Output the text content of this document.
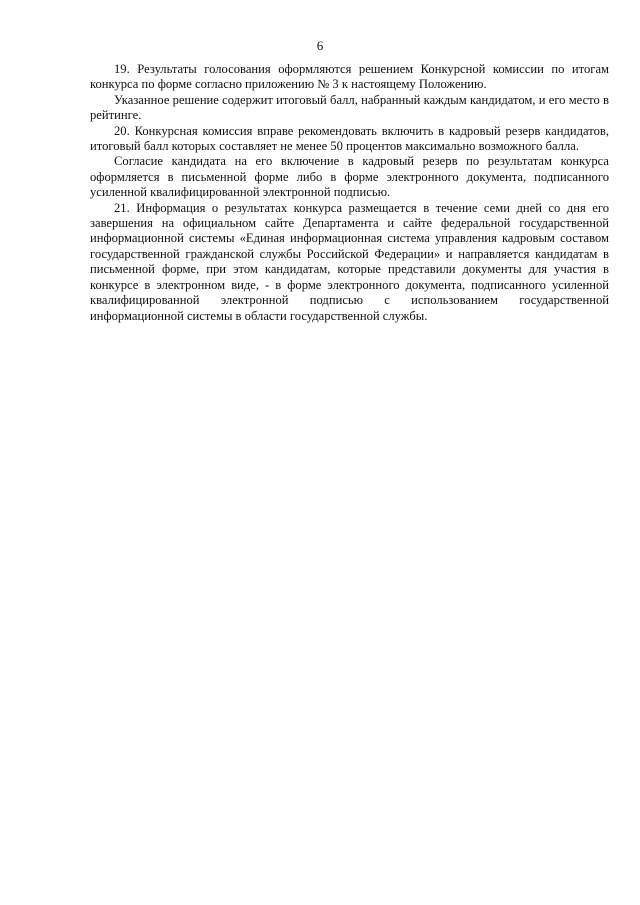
6

19. Результаты голосования оформляются решением Конкурсной комиссии по итогам конкурса по форме согласно приложению № 3 к настоящему Положению.

Указанное решение содержит итоговый балл, набранный каждым кандидатом, и его место в рейтинге.

20. Конкурсная комиссия вправе рекомендовать включить в кадровый резерв кандидатов, итоговый балл которых составляет не менее 50 процентов максимально возможного балла.

Согласие кандидата на его включение в кадровый резерв по результатам конкурса оформляется в письменной форме либо в форме электронного документа, подписанного усиленной квалифицированной электронной подписью.

21. Информация о результатах конкурса размещается в течение семи дней со дня его завершения на официальном сайте Департамента и сайте федеральной государственной информационной системы «Единая информационная система управления кадровым составом государственной гражданской службы Российской Федерации» и направляется кандидатам в письменной форме, при этом кандидатам, которые представили документы для участия в конкурсе в электронном виде, - в форме электронного документа, подписанного усиленной квалифицированной электронной подписью с использованием государственной информационной системы в области государственной службы.
